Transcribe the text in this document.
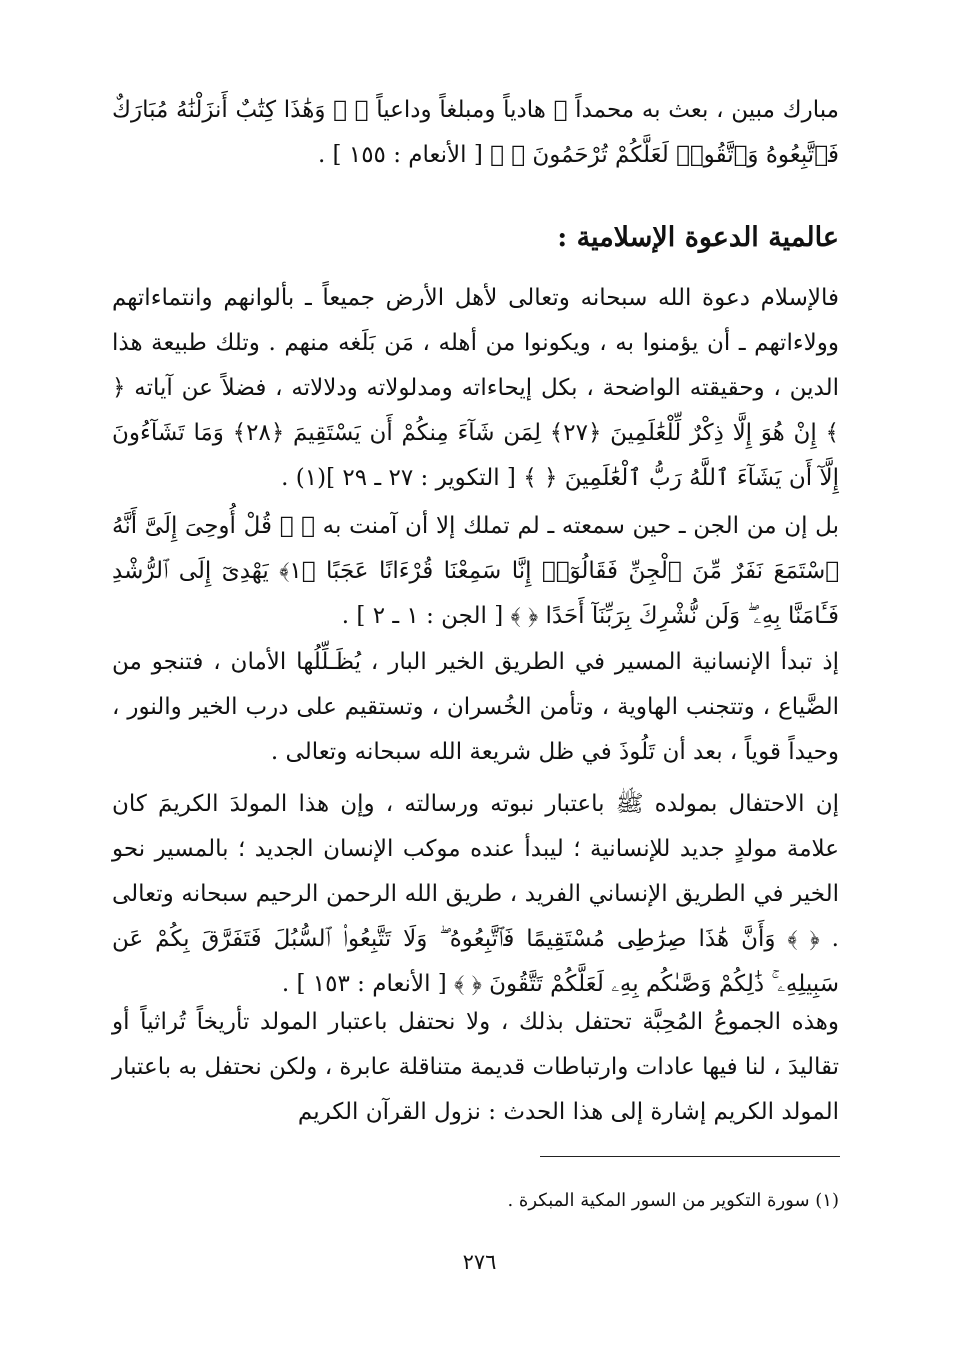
مبارك مبين ، بعث به محمداً ﷺ هادياً ومبلغاً وداعياً ﴿ ﴾ وَهَٰذَا كِتَٰبٌ أَنزَلْنَٰهُ مُبَارَكٌ فَٱتَّبِعُوهُ وَٱتَّقُوا۟ لَعَلَّكُمْ تُرْحَمُونَ ﴿ ﴾ [ الأنعام : ١٥٥ ] .

عالمية الدعوة الإسلامية :

فالإسلام دعوة الله سبحانه وتعالى لأهل الأرض جميعاً ـ بألوانهم وانتماءاتهم وولاءاتهم ـ أن يؤمنوا به ، ويكونوا من أهله ، مَن بَلَغه منهم . وتلك طبيعة هذا الدين ، وحقيقته الواضحة ، بكل إيحاءاته ومدلولاته ودلالاته ، فضلاً عن آياته ﴿ ﴾ إِنْ هُوَ إِلَّا ذِكْرٌ لِّلْعَٰلَمِينَ ﴿٢٧﴾ لِمَن شَآءَ مِنكُمْ أَن يَسْتَقِيمَ ﴿٢٨﴾ وَمَا تَشَآءُونَ إِلَّآ أَن يَشَآءَ ٱللَّهُ رَبُّ ٱلْعَٰلَمِينَ ﴿ ﴾ [ التكوير : ٢٧ ـ ٢٩ ](١) .

بل إن من الجن ـ حين سمعته ـ لم تملك إلا أن آمنت به ﴿ ﴾ قُلْ أُوحِىَ إِلَىَّ أَنَّهُ ٱسْتَمَعَ نَفَرٌ مِّنَ ٱلْجِنِّ فَقَالُوٓا۟ إِنَّا سَمِعْنَا قُرْءَانًا عَجَبًا ﴿١﴾ يَهْدِىٓ إِلَى ٱلرُّشْدِ فَـَٔامَنَّا بِهِۦ ۖ وَلَن نُّشْرِكَ بِرَبِّنَآ أَحَدًا ﴿ ﴾ [ الجن : ١ ـ ٢ ] .

إذ تبدأ الإنسانية المسير في الطريق الخير البار ، يُظَـلِّلُها الأمان ، فتنجو من الضَّياع ، وتتجنب الهاوية ، وتأمن الخُسران ، وتستقيم على درب الخير والنور ، وحيداً قوياً ، بعد أن تَلُوذَ في ظل شريعة الله سبحانه وتعالى .

إن الاحتفال بمولده ﷺ باعتبار نبوته ورسالته ، وإن هذا المولدَ الكريمَ كان علامة مولدٍ جديد للإنسانية ؛ ليبدأ عنده موكب الإنسان الجديد ؛ بالمسير نحو الخير في الطريق الإنساني الفريد ، طريق الله الرحمن الرحيم سبحانه وتعالى . ﴿ ﴾ وَأَنَّ هَٰذَا صِرَٰطِى مُسْتَقِيمًا فَٱتَّبِعُوهُ ۖ وَلَا تَتَّبِعُوا۟ ٱلسُّبُلَ فَتَفَرَّقَ بِكُمْ عَن سَبِيلِهِۦ ۚ ذَٰلِكُمْ وَصَّىٰكُم بِهِۦ لَعَلَّكُمْ تَتَّقُونَ ﴿ ﴾ [ الأنعام : ١٥٣ ] .

وهذه الجموعُ المُحِبَّة تحتفل بذلك ، ولا نحتفل باعتبار المولد تأريخاً تُراثياً أو تقاليدَ ، لنا فيها عادات وارتباطات قديمة متناقلة عابرة ، ولكن نحتفل به باعتبار المولد الكريم إشارة إلى هذا الحدث : نزول القرآن الكريم

(١) سورة التكوير من السور المكية المبكرة .

٢٧٦
